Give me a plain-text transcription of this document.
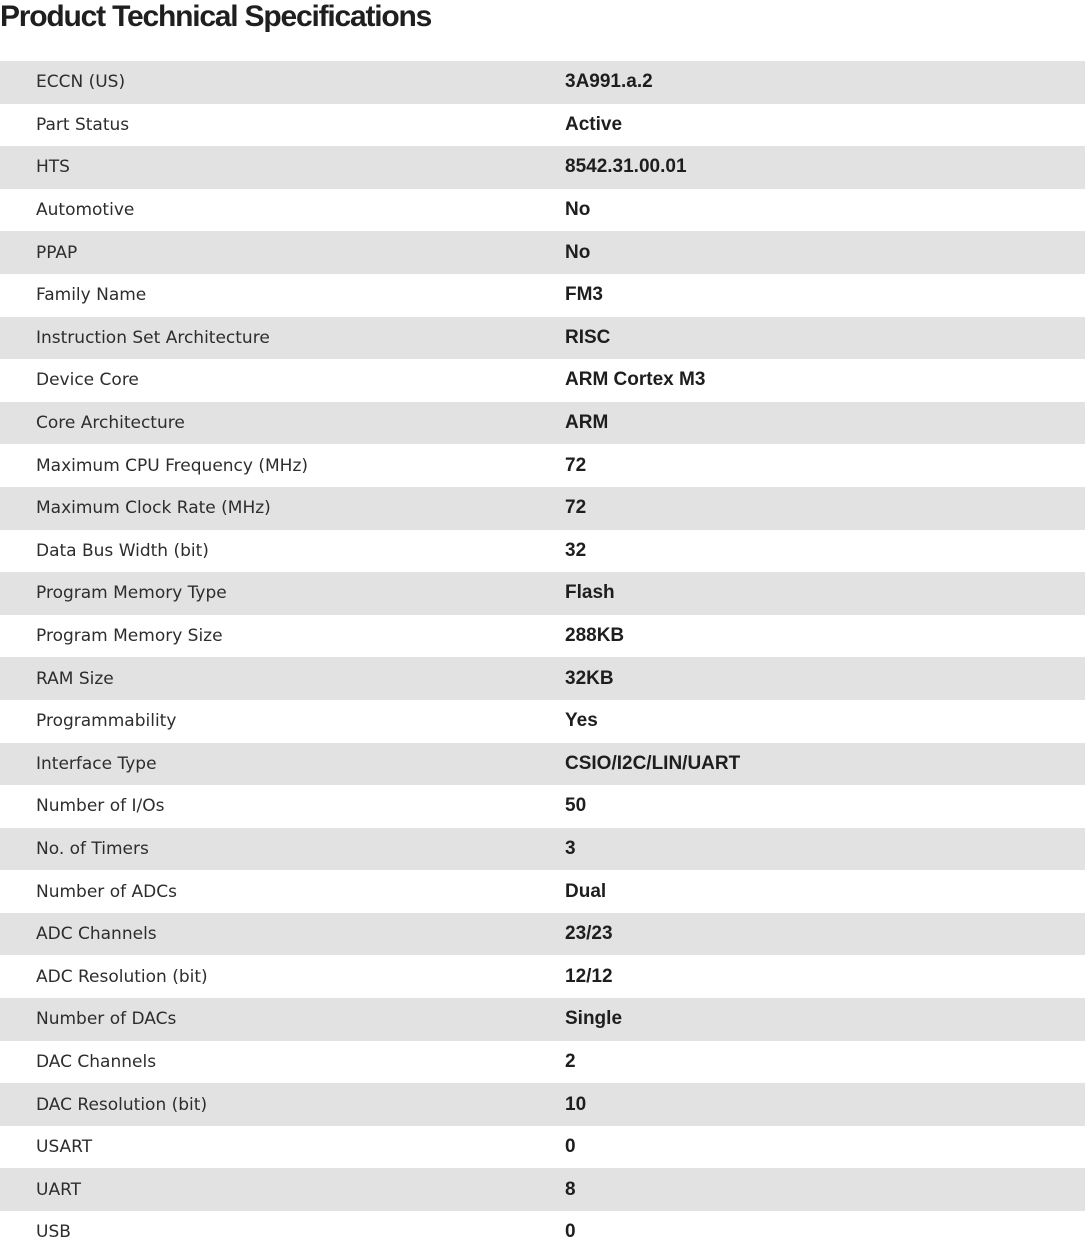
Product Technical Specifications
ECCN (US)	3A991.a.2
Part Status	Active
HTS	8542.31.00.01
Automotive	No
PPAP	No
Family Name	FM3
Instruction Set Architecture	RISC
Device Core	ARM Cortex M3
Core Architecture	ARM
Maximum CPU Frequency (MHz)	72
Maximum Clock Rate (MHz)	72
Data Bus Width (bit)	32
Program Memory Type	Flash
Program Memory Size	288KB
RAM Size	32KB
Programmability	Yes
Interface Type	CSIO/I2C/LIN/UART
Number of I/Os	50
No. of Timers	3
Number of ADCs	Dual
ADC Channels	23/23
ADC Resolution (bit)	12/12
Number of DACs	Single
DAC Channels	2
DAC Resolution (bit)	10
USART	0
UART	8
USB	0
